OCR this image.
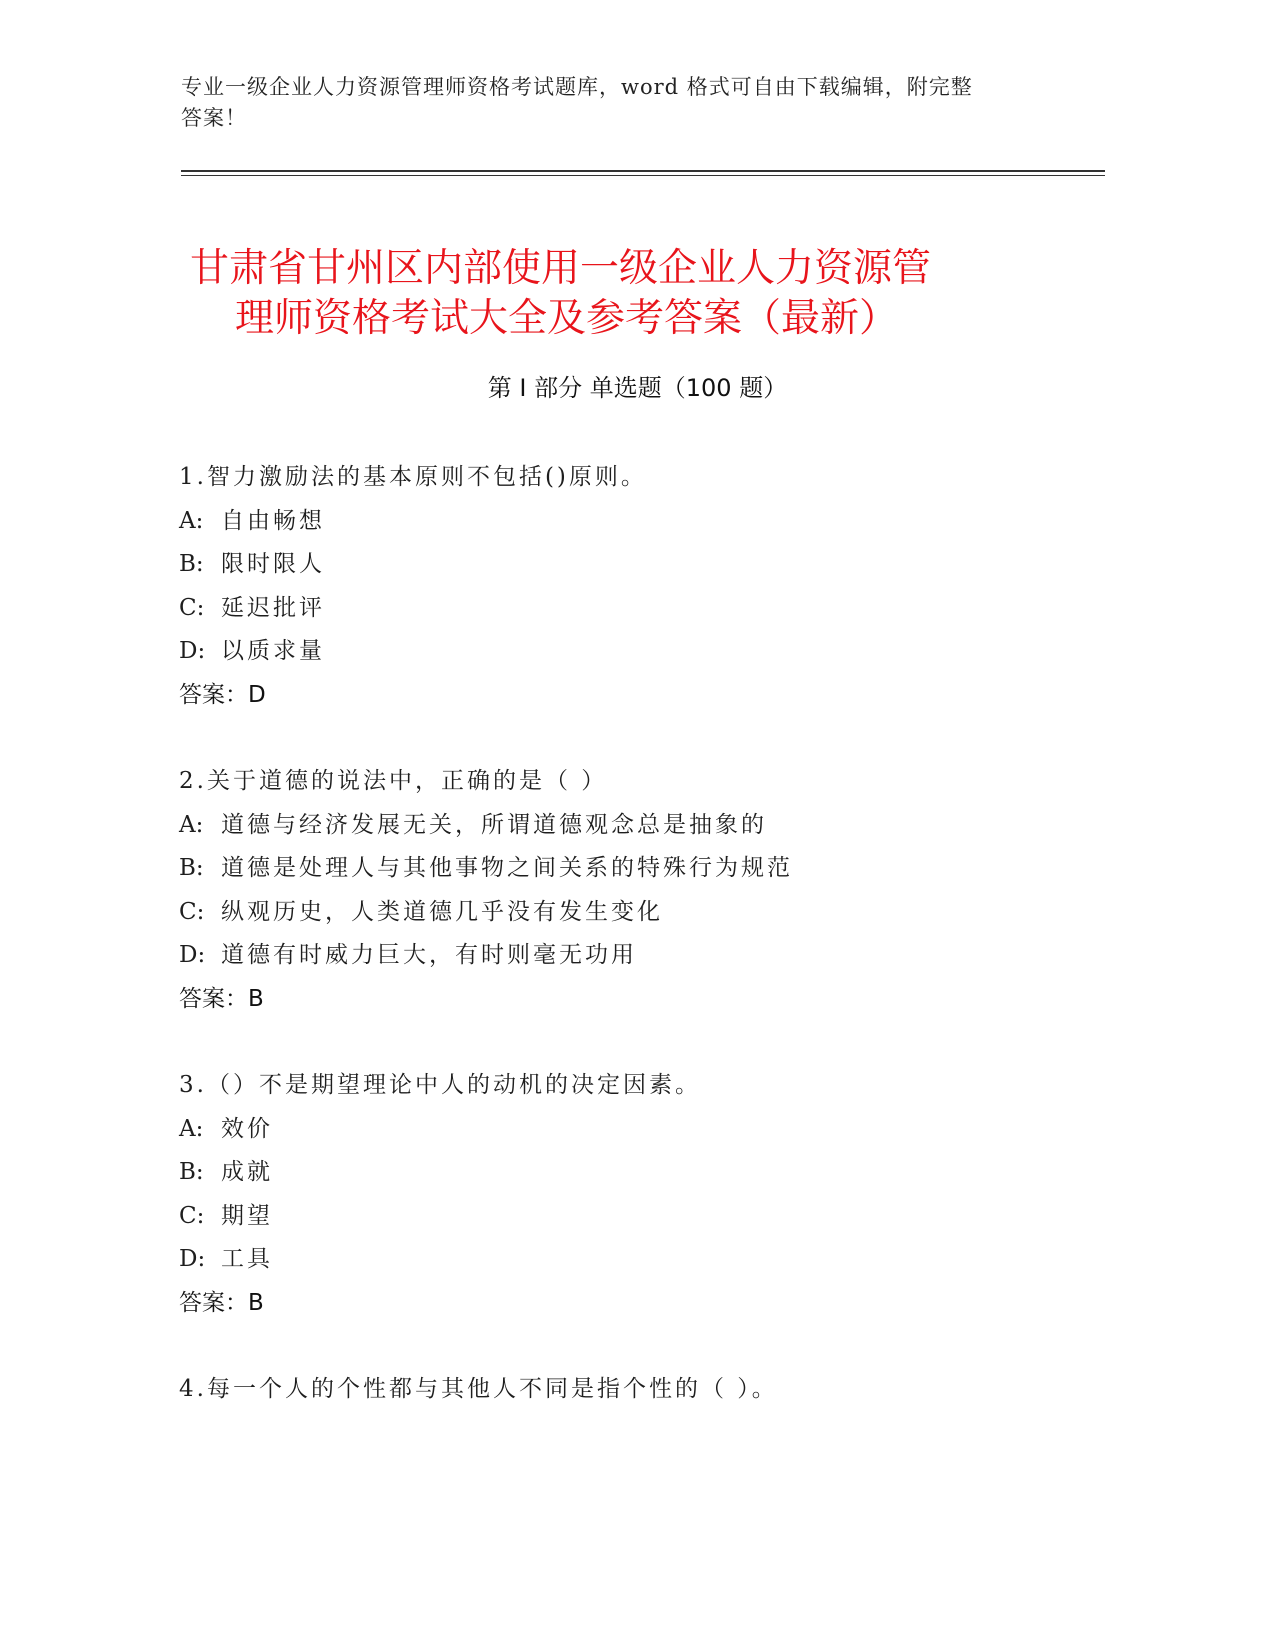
专业一级企业人力资源管理师资格考试题库，word 格式可自由下载编辑，附完整
答案！
甘肃省甘州区内部使用一级企业人力资源管
理师资格考试大全及参考答案（最新）
第 I 部分 单选题（100 题）
1.智力激励法的基本原则不包括()原则。
A: 自由畅想
B: 限时限人
C: 延迟批评
D: 以质求量
答案：D
2.关于道德的说法中，正确的是（ ）
A: 道德与经济发展无关，所谓道德观念总是抽象的
B: 道德是处理人与其他事物之间关系的特殊行为规范
C: 纵观历史，人类道德几乎没有发生变化
D: 道德有时威力巨大，有时则毫无功用
答案：B
3.（）不是期望理论中人的动机的决定因素。
A: 效价
B: 成就
C: 期望
D: 工具
答案：B
4.每一个人的个性都与其他人不同是指个性的（ ）。
